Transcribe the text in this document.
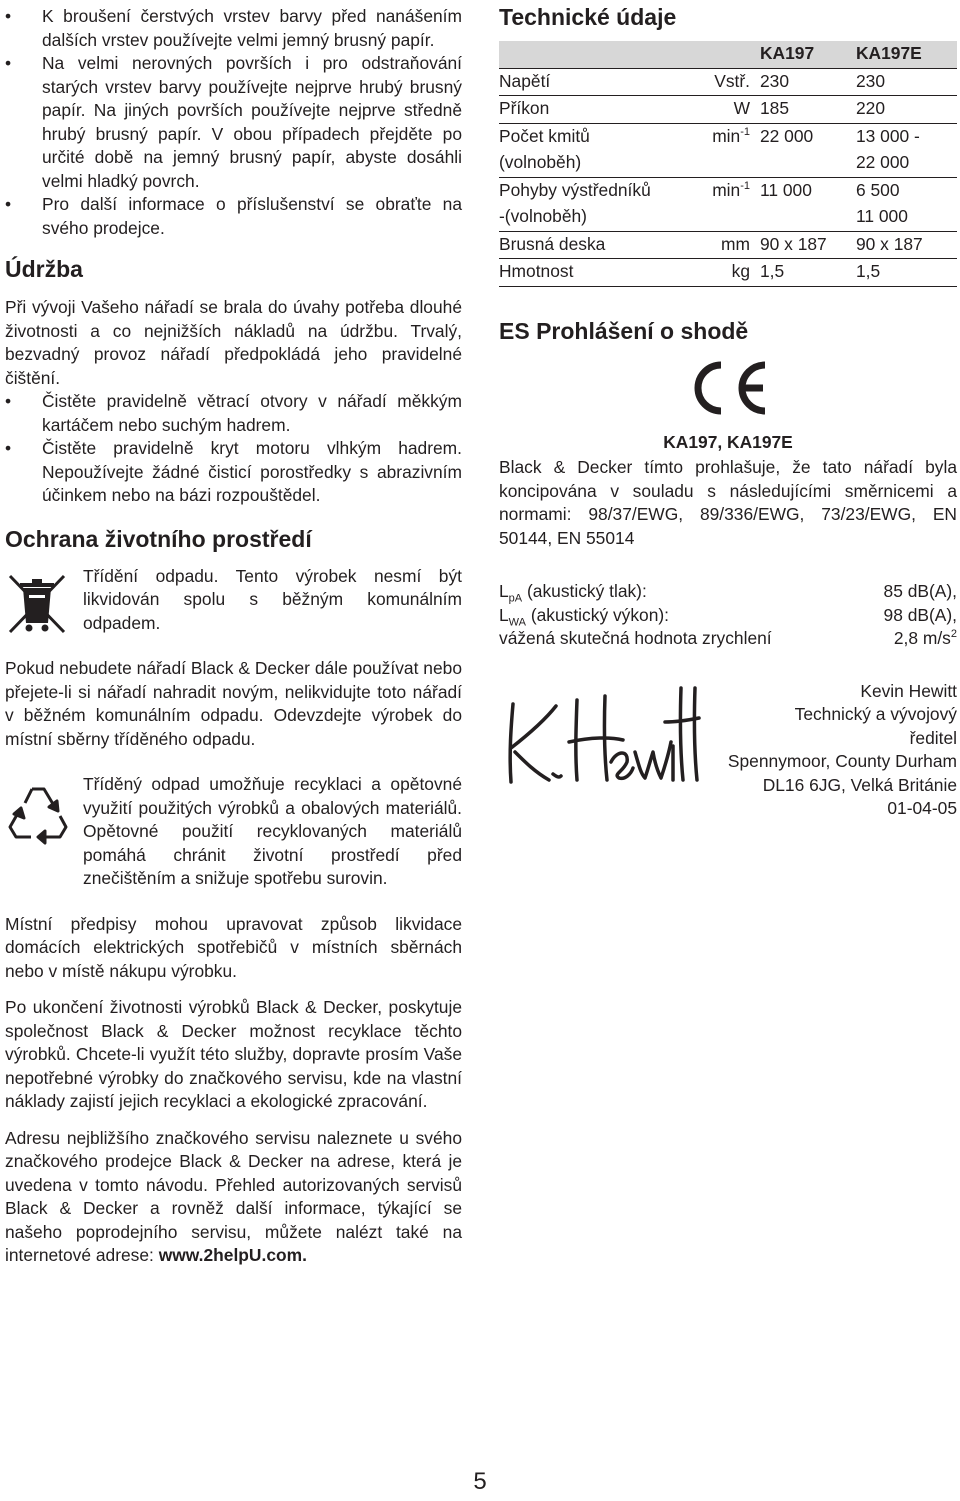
• K broušení čerstvých vrstev barvy před nanášením dalších vrstev používejte velmi jemný brusný papír.
• Na velmi nerovných površích i pro odstraňování starých vrstev barvy používejte nejprve hrubý brusný papír. Na jiných površích používejte nejprve středně hrubý brusný papír. V obou případech přejděte po určité době na jemný brusný papír, abyste dosáhli velmi hladký povrch.
• Pro další informace o příslušenství se obraťte na svého prodejce.
Údržba

Při vývoji Vašeho nářadí se brala do úvahy potřeba dlouhé životnosti a co nejnižších nákladů na údržbu. Trvalý, bezvadný provoz nářadí předpokládá jeho pravidelné čištění.

• Čistěte pravidelně větrací otvory v nářadí měkkým kartáčem nebo suchým hadrem.
• Čistěte pravidelně kryt motoru vlhkým hadrem. Nepoužívejte žádné čisticí porostředky s abrazivním účinkem nebo na bázi rozpouštědel.
Ochrana životního prostředí

Třídění odpadu. Tento výrobek nesmí být likvidován spolu s běžným komunálním odpadem.

Pokud nebudete nářadí Black & Decker dále používat nebo přejete-li si nářadí nahradit novým, nelikvidujte toto nářadí v běžném komunálním odpadu. Odevzdejte výrobek do místní sběrny tříděného odpadu.

Tříděný odpad umožňuje recyklaci a opětovné využití použitých výrobků a obalových materiálů. Opětovné použití recyklovaných materiálů pomáhá chránit životní prostředí před znečištěním a snižuje spotřebu surovin.

Místní předpisy mohou upravovat způsob likvidace domácích elektrických spotřebičů v místních sběrnách nebo v místě nákupu výrobku.

Po ukončení životnosti výrobků Black & Decker, poskytuje společnost Black & Decker možnost recyklace těchto výrobků. Chcete-li využít této služby, dopravte prosím Vaše nepotřebné výrobky do značkového servisu, kde na vlastní náklady zajistí jejich recyklaci a ekologické zpracování.

Adresu nejbližšího značkového servisu naleznete u svého značkového prodejce Black & Decker na adrese, která je uvedena v tomto návodu. Přehled autorizovaných servisů Black & Decker a rovněž další informace, týkající se našeho poprodejního servisu, můžete nalézt také na internetové adrese: www.2helpU.com.

Technické údaje
		KA197	KA197E
Napětí	Vstř.	230	230
Příkon	W	185	220
Počet kmitů	$\min^{-1}$	22 000	13 000 -
(volnoběh)			22 000
Pohyby výstředníků	$\min^{-1}$	11 000	6 500
-(volnoběh)			11 000
Brusná deska	mm	90 x 187	90 x 187
Hmotnost	kg	1,5	1,5
ES Prohlášení o shodě

KA197, KA197E

Black & Decker tímto prohlašuje, že tato nářadí byla koncipována v souladu s následujícími směrnicemi a normami: 98/37/EWG, 89/336/EWG, 73/23/EWG, EN 50144, EN 55014

$L_{pA}$ (akustický tlak):	85 dB(A),
$L_{WA}$ (akustický výkon):	98 dB(A),
vážená skutečná hodnota zrychlení	2,8 $m/s^2$

Kevin Hewitt

Technický a vývojový

ředitel

Spennymoor, County Durham

DL16 6JG, Velká Británie

01-04-05

5
